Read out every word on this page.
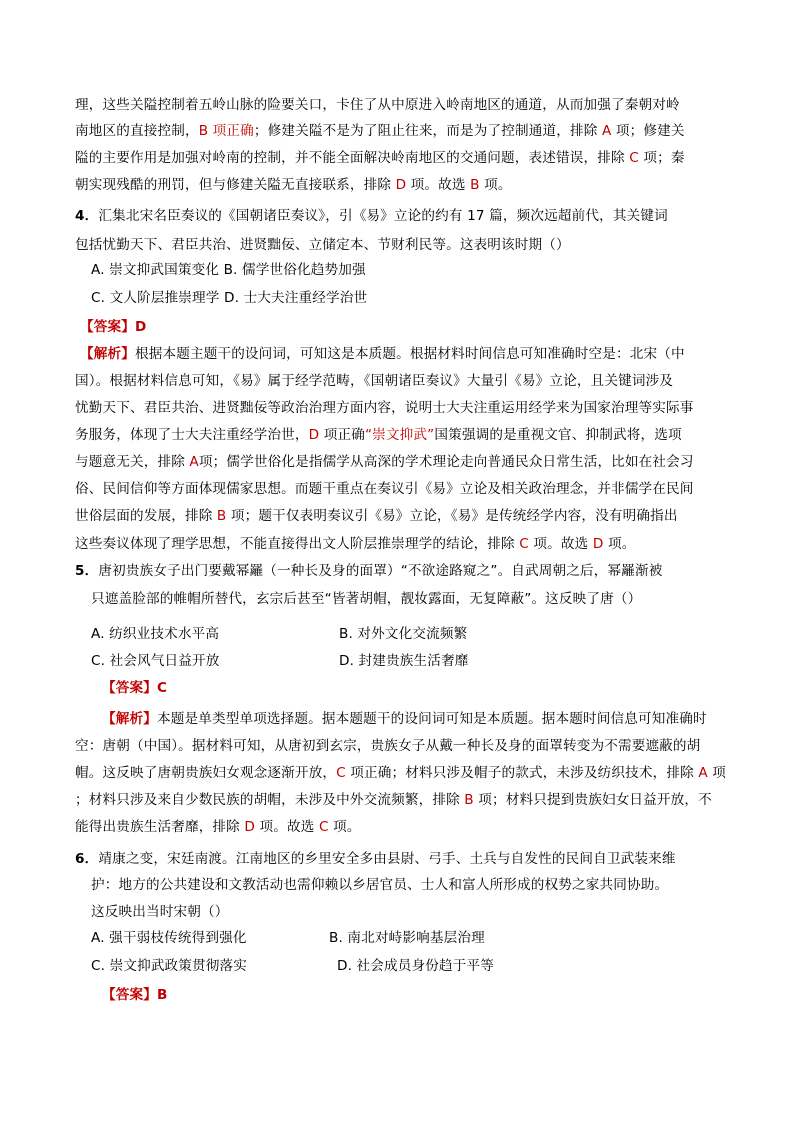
理，这些关隘控制着五岭山脉的险要关口，卡住了从中原进入岭南地区的通道，从而加强了秦朝对岭
南地区的直接控制，B 项正确；修建关隘不是为了阻止往来，而是为了控制通道，排除 A 项；修建关
隘的主要作用是加强对岭南的控制，并不能全面解决岭南地区的交通问题，表述错误，排除 C 项；秦
朝实现残酷的刑罚，但与修建关隘无直接联系，排除 D 项。故选 B 项。
4．汇集北宋名臣奏议的《国朝诸臣奏议》，引《易》立论的约有 17 篇，频次远超前代，其关键词
包括忧勤天下、君臣共治、进贤黜佞、立储定本、节财利民等。这表明该时期（）
A. 崇文抑武国策变化 B. 儒学世俗化趋势加强
C. 文人阶层推崇理学 D. 士大夫注重经学治世
【答案】D
【解析】根据本题主题干的设问词，可知这是本质题。根据材料时间信息可知准确时空是：北宋（中
国）。根据材料信息可知，《易》属于经学范畴，《国朝诸臣奏议》大量引《易》立论，且关键词涉及
忧勤天下、君臣共治、进贤黜佞等政治治理方面内容，说明士大夫注重运用经学来为国家治理等实际事
务服务，体现了士大夫注重经学治世，D 项正确“崇文抑武”国策强调的是重视文官、抑制武将，选项
与题意无关，排除 A项；儒学世俗化是指儒学从高深的学术理论走向普通民众日常生活，比如在社会习
俗、民间信仰等方面体现儒家思想。而题干重点在奏议引《易》立论及相关政治理念，并非儒学在民间
世俗层面的发展，排除 B 项；题干仅表明奏议引《易》立论，《易》是传统经学内容，没有明确指出
这些奏议体现了理学思想，不能直接得出文人阶层推崇理学的结论，排除 C 项。故选 D 项。
5．唐初贵族女子出门要戴幂䍦（一种长及身的面罩）“不欲途路窥之”。自武周朝之后，幂䍦渐被
只遮盖脸部的帷帽所替代，玄宗后甚至“皆著胡帽，靓妆露面，无复障蔽”。这反映了唐（）
A. 纺织业技术水平高	B. 对外文化交流频繁
C. 社会风气日益开放	D. 封建贵族生活奢靡
【答案】C
【解析】本题是单类型单项选择题。据本题题干的设问词可知是本质题。据本题时间信息可知准确时
空：唐朝（中国）。据材料可知，从唐初到玄宗，贵族女子从戴一种长及身的面罩转变为不需要遮蔽的胡
帽。这反映了唐朝贵族妇女观念逐渐开放，C 项正确；材料只涉及帽子的款式，未涉及纺织技术，排除 A 项
；材料只涉及来自少数民族的胡帽，未涉及中外交流频繁，排除 B 项；材料只提到贵族妇女日益开放，不
能得出贵族生活奢靡，排除 D 项。故选 C 项。
6．靖康之变，宋廷南渡。江南地区的乡里安全多由县尉、弓手、土兵与自发性的民间自卫武装来维
护：地方的公共建设和文教活动也需仰赖以乡居官员、士人和富人所形成的权势之家共同协助。
这反映出当时宋朝（）
A. 强干弱枝传统得到强化	B. 南北对峙影响基层治理
C. 崇文抑武政策贯彻落实	D. 社会成员身份趋于平等
【答案】B
